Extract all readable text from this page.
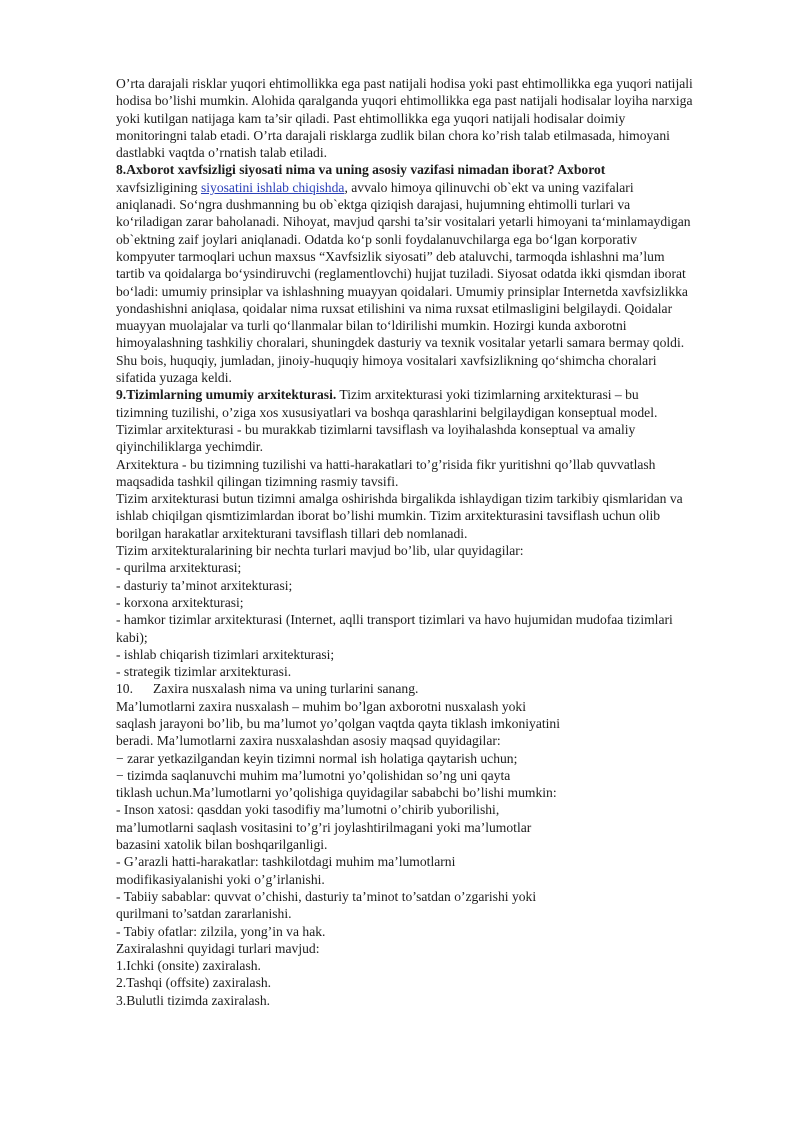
O’rta darajali risklar yuqori ehtimollikka ega past natijali hodisa yoki past ehtimollikka ega yuqori natijali
hodisa bo’lishi mumkin. Alohida qaralganda yuqori ehtimollikka ega past natijali hodisalar loyiha narxiga
yoki kutilgan natijaga kam ta’sir qiladi. Past ehtimollikka ega yuqori natijali hodisalar doimiy
monitoringni talab etadi. O’rta darajali risklarga zudlik bilan chora ko’rish talab etilmasada, himoyani
dastlabki vaqtda o’rnatish talab etiladi.
8.Axborot xavfsizligi siyosati nima va uning asosiy vazifasi nimadan iborat? Axborot
xavfsizligining siyosatini ishlab chiqishda, avvalo himoya qilinuvchi ob`ekt va uning vazifalari
aniqlanadi. So‘ngra dushmanning bu ob`ektga qiziqish darajasi, hujumning ehtimolli turlari va
ko‘riladigan zarar baholanadi. Nihoyat, mavjud qarshi ta’sir vositalari yetarli himoyani ta‘minlamaydigan
ob`ektning zaif joylari aniqlanadi. Odatda ko‘p sonli foydalanuvchilarga ega bo‘lgan korporativ
kompyuter tarmoqlari uchun maxsus “Xavfsizlik siyosati” deb ataluvchi, tarmoqda ishlashni ma’lum
tartib va qoidalarga bo‘ysindiruvchi (reglamentlovchi) hujjat tuziladi. Siyosat odatda ikki qismdan iborat
bo‘ladi: umumiy prinsiplar va ishlashning muayyan qoidalari. Umumiy prinsiplar Internetda xavfsizlikka
yondashishni aniqlasa, qoidalar nima ruxsat etilishini va nima ruxsat etilmasligini belgilaydi. Qoidalar
muayyan muolajalar va turli qo‘llanmalar bilan to‘ldirilishi mumkin. Hozirgi kunda axborotni
himoyalashning tashkiliy choralari, shuningdek dasturiy va texnik vositalar yetarli samara bermay qoldi.
Shu bois, huquqiy, jumladan, jinoiy-huquqiy himoya vositalari xavfsizlikning qo‘shimcha choralari
sifatida yuzaga keldi.
9.Tizimlarning umumiy arxitekturasi. Tizim arxitekturasi yoki tizimlarning arxitekturasi – bu
tizimning tuzilishi, o’ziga xos xususiyatlari va boshqa qarashlarini belgilaydigan konseptual model.
Tizimlar arxitekturasi - bu murakkab tizimlarni tavsiflash va loyihalashda konseptual va amaliy
qiyinchiliklarga yechimdir.
Arxitektura - bu tizimning tuzilishi va hatti-harakatlari to’g’risida fikr yuritishni qo’llab quvvatlash
maqsadida tashkil qilingan tizimning rasmiy tavsifi.
Tizim arxitekturasi butun tizimni amalga oshirishda birgalikda ishlaydigan tizim tarkibiy qismlaridan va
ishlab chiqilgan qismtizimlardan iborat bo’lishi mumkin. Tizim arxitekturasini tavsiflash uchun olib
borilgan harakatlar arxitekturani tavsiflash tillari deb nomlanadi.
Tizim arxitekturalarining bir nechta turlari mavjud bo’lib, ular quyidagilar:
- qurilma arxitekturasi;
- dasturiy ta’minot arxitekturasi;
- korxona arxitekturasi;
- hamkor tizimlar arxitekturasi (Internet, aqlli transport tizimlari va havo hujumidan mudofaa tizimlari
kabi);
- ishlab chiqarish tizimlari arxitekturasi;
- strategik tizimlar arxitekturasi.
10. Zaxira nusxalash nima va uning turlarini sanang.
Ma’lumotlarni zaxira nusxalash – muhim bo’lgan axborotni nusxalash yoki
saqlash jarayoni bo’lib, bu ma’lumot yo’qolgan vaqtda qayta tiklash imkoniyatini
beradi. Ma’lumotlarni zaxira nusxalashdan asosiy maqsad quyidagilar:
− zarar yetkazilgandan keyin tizimni normal ish holatiga qaytarish uchun;
− tizimda saqlanuvchi muhim ma’lumotni yo’qolishidan so’ng uni qayta
tiklash uchun.Ma’lumotlarni yo’qolishiga quyidagilar sababchi bo’lishi mumkin:
- Inson xatosi: qasddan yoki tasodifiy ma’lumotni o’chirib yuborilishi,
ma’lumotlarni saqlash vositasini to’g’ri joylashtirilmagani yoki ma’lumotlar
bazasini xatolik bilan boshqarilganligi.
- G’arazli hatti-harakatlar: tashkilotdagi muhim ma’lumotlarni
modifikasiyalanishi yoki o’g’irlanishi.
- Tabiiy sabablar: quvvat o’chishi, dasturiy ta’minot to’satdan o’zgarishi yoki
qurilmani to’satdan zararlanishi.
- Tabiy ofatlar: zilzila, yong’in va hak.
Zaxiralashni quyidagi turlari mavjud:
1.Ichki (onsite) zaxiralash.
2.Tashqi (offsite) zaxiralash.
3.Bulutli tizimda zaxiralash.
